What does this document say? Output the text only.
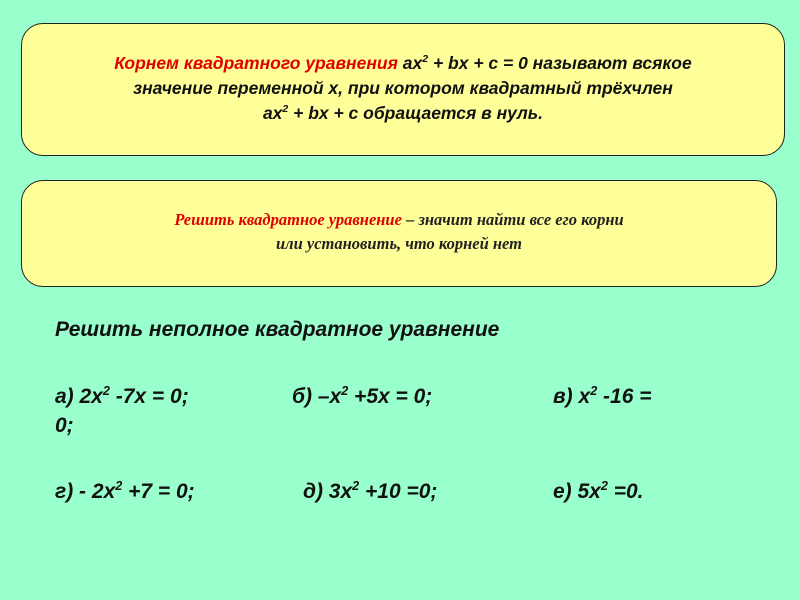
Корнем квадратного уравнения $ax^2$ + bx + c = 0 называют всякое
значение переменной х, при котором квадратный трёхчлен
$ax^2$ + bx + c обращается в нуль.
Решить квадратное уравнение – значит найти все его корни
или установить, что корней нет
Решить неполное квадратное уравнение
а) $2х^2$ -7х = 0;	б) $-х^2 +5х = 0$;	в) $х^2$ -16 =
0;
$г) - 2х^2 +7 = 0$;	д) $3х^2 +10 =0$;	е) $5х^2 =0$.
